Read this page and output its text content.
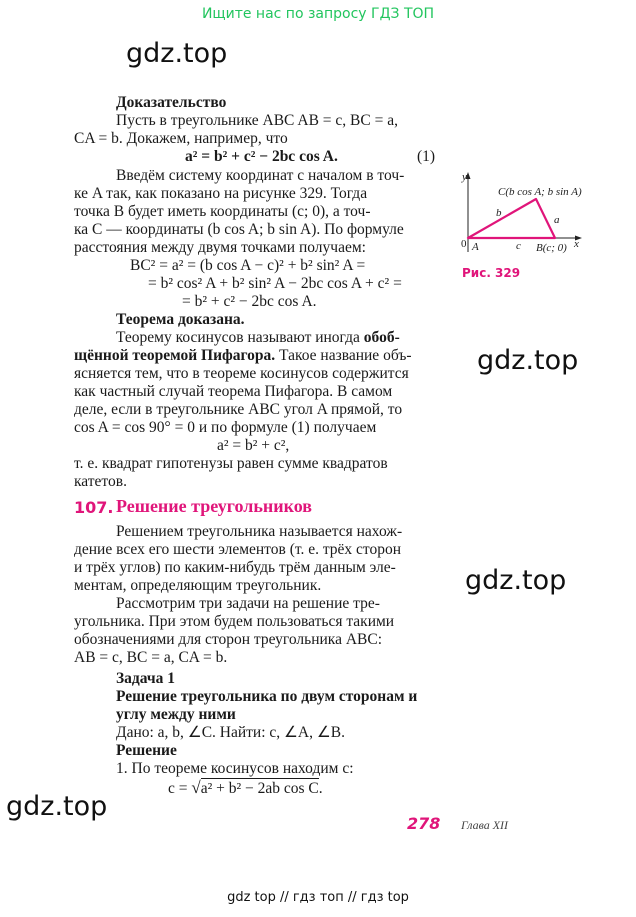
Ищите нас по запросу ГДЗ ТОП
gdz.top
gdz.top
gdz.top
gdz.top
Доказательство
Пусть в треугольнике ABC AB = c, BC = a,
CA = b. Докажем, например, что
a² = b² + c² − 2bc cos A.	(1)
Введём систему координат с началом в точ-
ке A так, как показано на рисунке 329. Тогда
точка B будет иметь координаты (c; 0), а точ-
ка C — координаты (b cos A; b sin A). По формуле
расстояния между двумя точками получаем:
BC² = a² = (b cos A − c)² + b² sin² A =
= b² cos² A + b² sin² A − 2bc cos A + c² =
= b² + c² − 2bc cos A.
Теорема доказана.
Теорему косинусов называют иногда обоб-
щённой теоремой Пифагора. Такое название объ-
ясняется тем, что в теореме косинусов содержится
как частный случай теорема Пифагора. В самом
деле, если в треугольнике ABC угол A прямой, то
cos A = cos 90° = 0 и по формуле (1) получаем
a² = b² + c²,
т. е. квадрат гипотенузы равен сумме квадратов
катетов.
y
x
0 A	B(c; 0)
C(b cos A; b sin A)
a
b
c
Рис. 329
107. Решение треугольников
Решением треугольника называется нахож-
дение всех его шести элементов (т. е. трёх сторон
и трёх углов) по каким-нибудь трём данным эле-
ментам, определяющим треугольник.
Рассмотрим три задачи на решение тре-
угольника. При этом будем пользоваться такими
обозначениями для сторон треугольника ABC:
AB = c, BC = a, CA = b.
Задача 1
Решение треугольника по двум сторонам и
углу между ними
Дано: a, b, ∠C. Найти: c, ∠A, ∠B.
Решение
1. По теореме косинусов находим c:
c = √a² + b² − 2ab cos C.
278 Глава XII
gdz top // гдз топ // гдз top
